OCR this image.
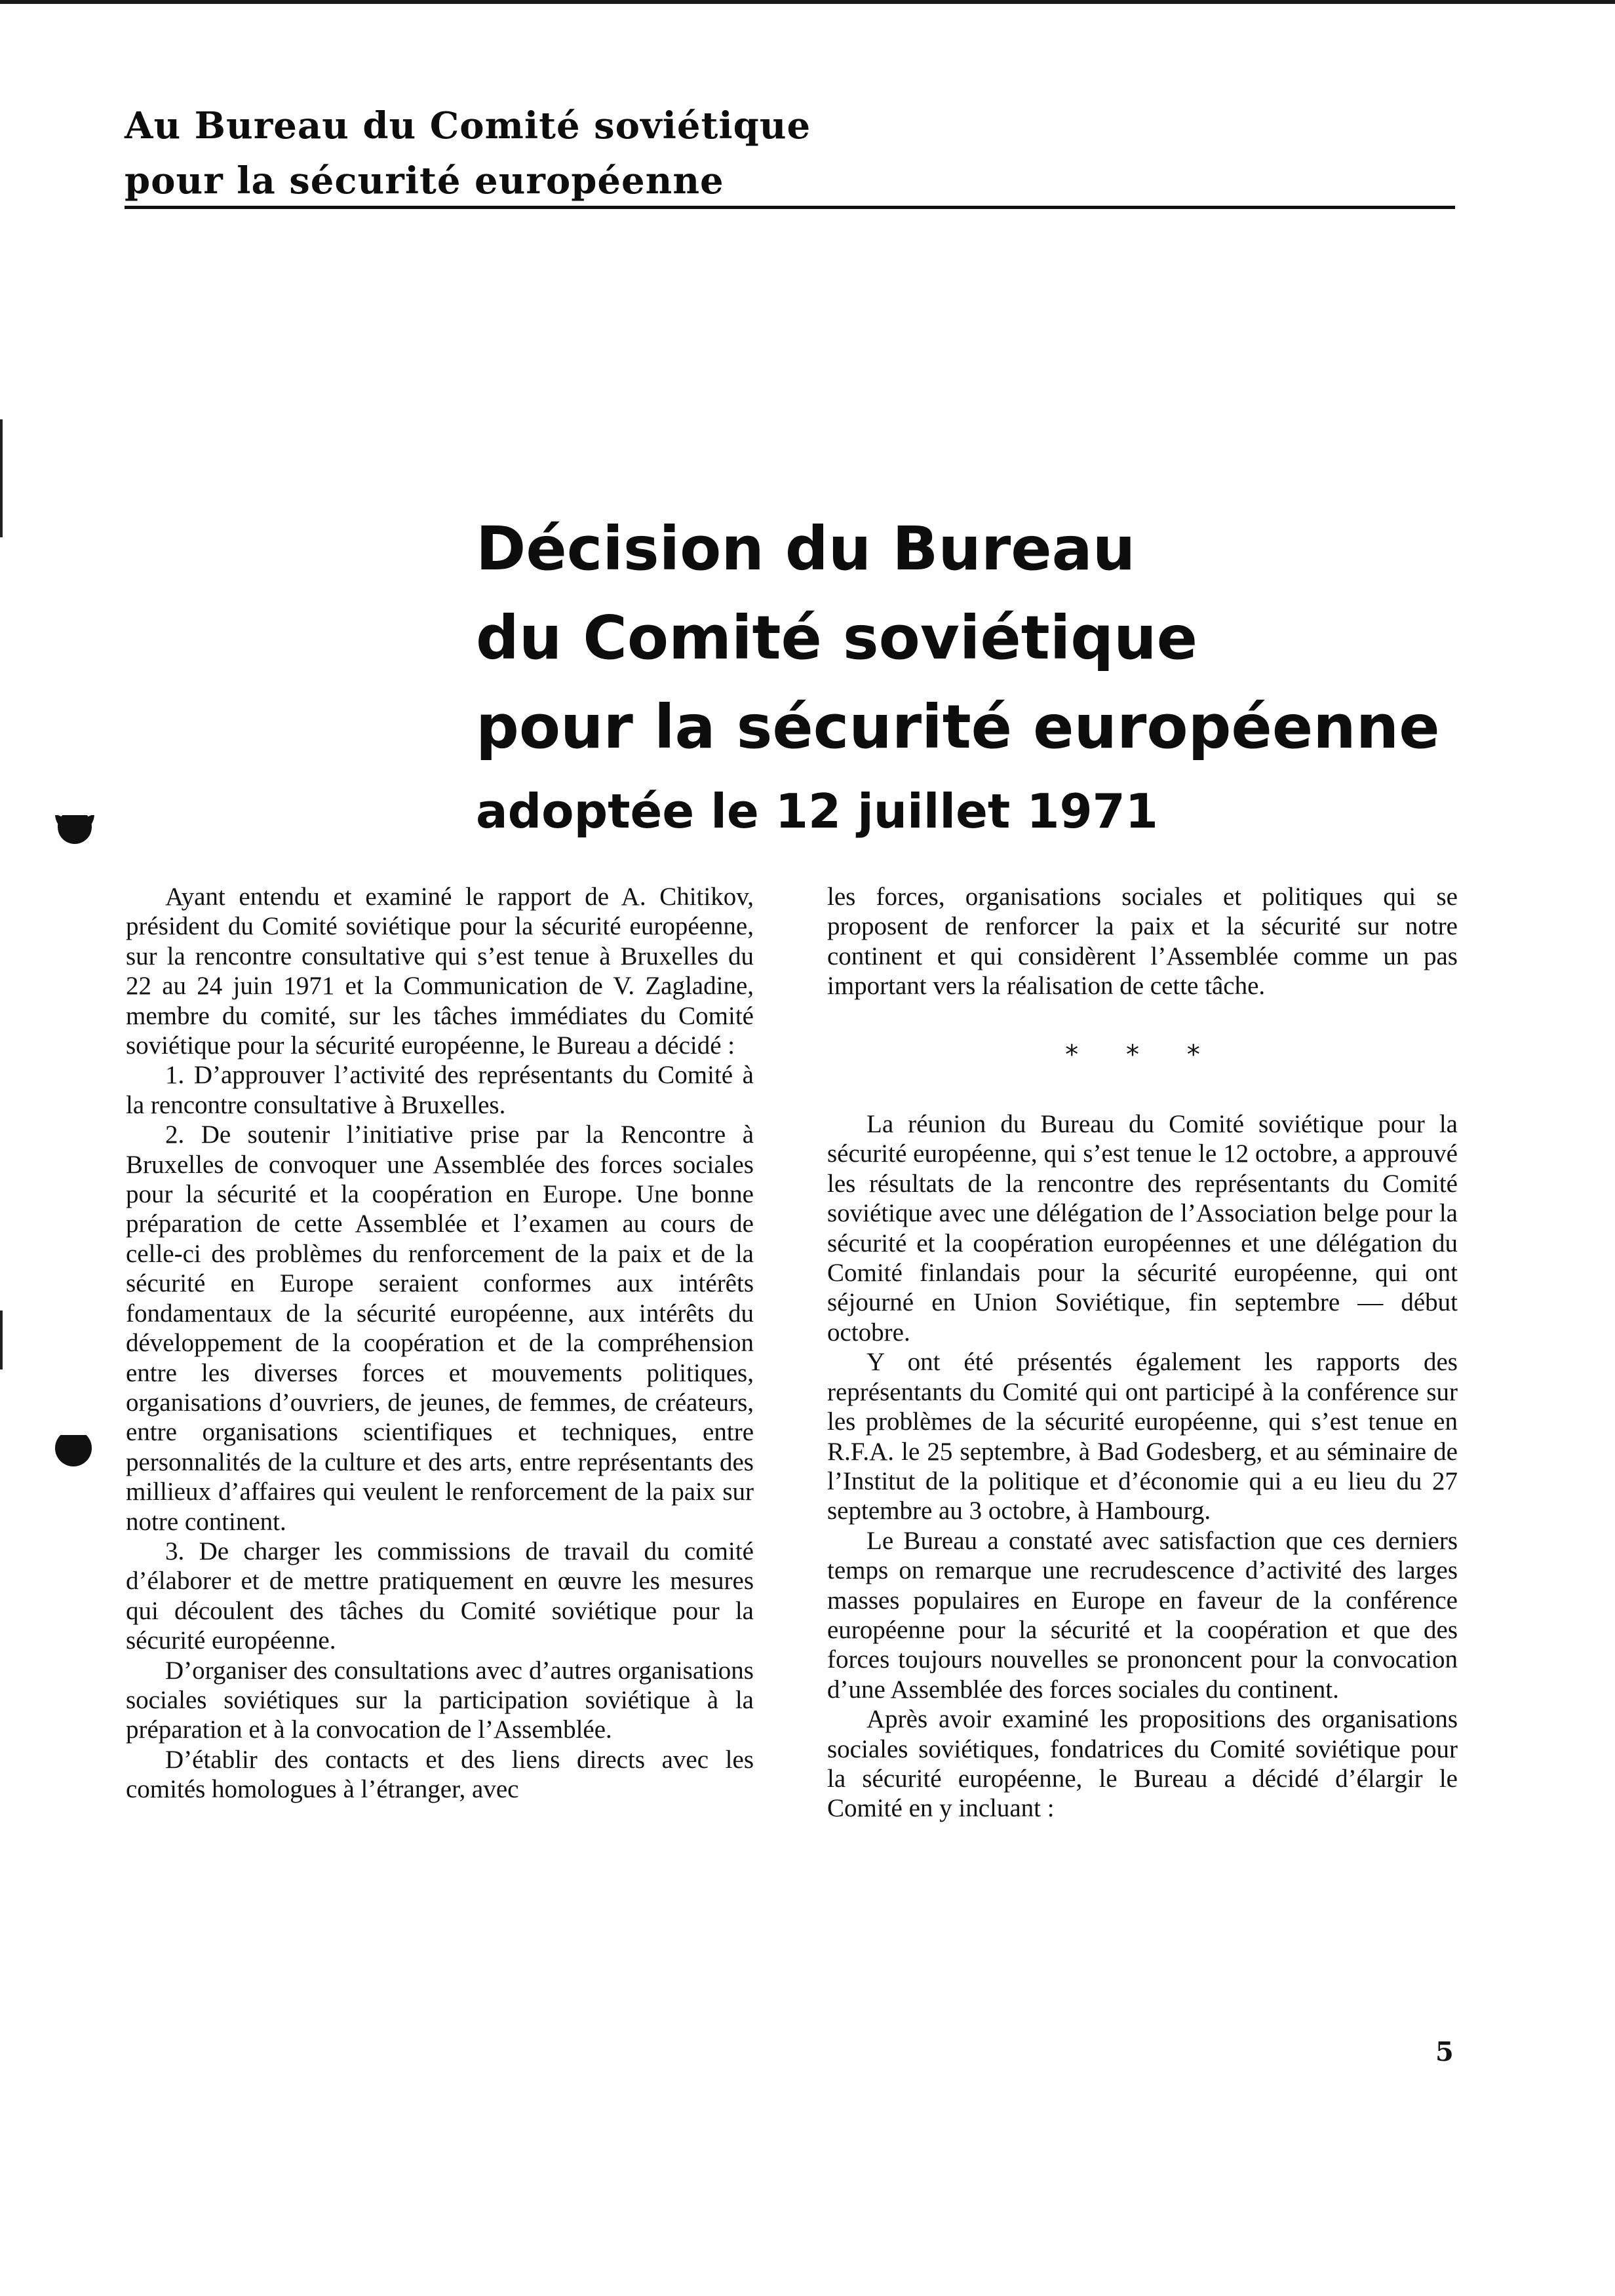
Au Bureau du Comité soviétique
pour la sécurité européenne
Décision du Bureau
du Comité soviétique
pour la sécurité européenne
adoptée le 12 juillet 1971

Ayant entendu et examiné le rapport de A. Chitikov, président du Comité soviétique pour la sécurité européenne, sur la rencontre consultative qui s’est tenue à Bruxelles du 22 au 24 juin 1971 et la Communication de V. Zagladine, membre du comité, sur les tâches immédiates du Comité soviétique pour la sécurité européenne, le Bureau a décidé :

1. D’approuver l’activité des représentants du Comité à la rencontre consultative à Bruxelles.

2. De soutenir l’initiative prise par la Rencontre à Bruxelles de convoquer une Assemblée des forces sociales pour la sécurité et la coopération en Europe. Une bonne préparation de cette Assemblée et l’examen au cours de celle-ci des problèmes du renforcement de la paix et de la sécurité en Europe seraient conformes aux intérêts fondamentaux de la sécurité européenne, aux intérêts du développement de la coopération et de la compréhension entre les diverses forces et mouvements politiques, organisations d’ouvriers, de jeunes, de femmes, de créateurs, entre organisations scientifiques et techniques, entre personnalités de la culture et des arts, entre représentants des millieux d’affaires qui veulent le renforcement de la paix sur notre continent.

3. De charger les commissions de travail du comité d’élaborer et de mettre pratiquement en œuvre les mesures qui découlent des tâches du Comité soviétique pour la sécurité européenne.

D’organiser des consultations avec d’autres organisations sociales soviétiques sur la participation soviétique à la préparation et à la convocation de l’Assemblée.

D’établir des contacts et des liens directs avec les comités homologues à l’étranger, avec

les forces, organisations sociales et politiques qui se proposent de renforcer la paix et la sécurité sur notre continent et qui considèrent l’Assemblée comme un pas important vers la réalisation de cette tâche.

* * *

La réunion du Bureau du Comité soviétique pour la sécurité européenne, qui s’est tenue le 12 octobre, a approuvé les résultats de la rencontre des représentants du Comité soviétique avec une délégation de l’Association belge pour la sécurité et la coopération européennes et une délégation du Comité finlandais pour la sécurité européenne, qui ont séjourné en Union Soviétique, fin septembre — début octobre.

Y ont été présentés également les rapports des représentants du Comité qui ont participé à la conférence sur les problèmes de la sécurité européenne, qui s’est tenue en R.F.A. le 25 septembre, à Bad Godesberg, et au séminaire de l’Institut de la politique et d’économie qui a eu lieu du 27 septembre au 3 octobre, à Hambourg.

Le Bureau a constaté avec satisfaction que ces derniers temps on remarque une recrudescence d’activité des larges masses populaires en Europe en faveur de la conférence européenne pour la sécurité et la coopération et que des forces toujours nouvelles se prononcent pour la convocation d’une Assemblée des forces sociales du continent.

Après avoir examiné les propositions des organisations sociales soviétiques, fondatrices du Comité soviétique pour la sécurité européenne, le Bureau a décidé d’élargir le Comité en y incluant :

5
